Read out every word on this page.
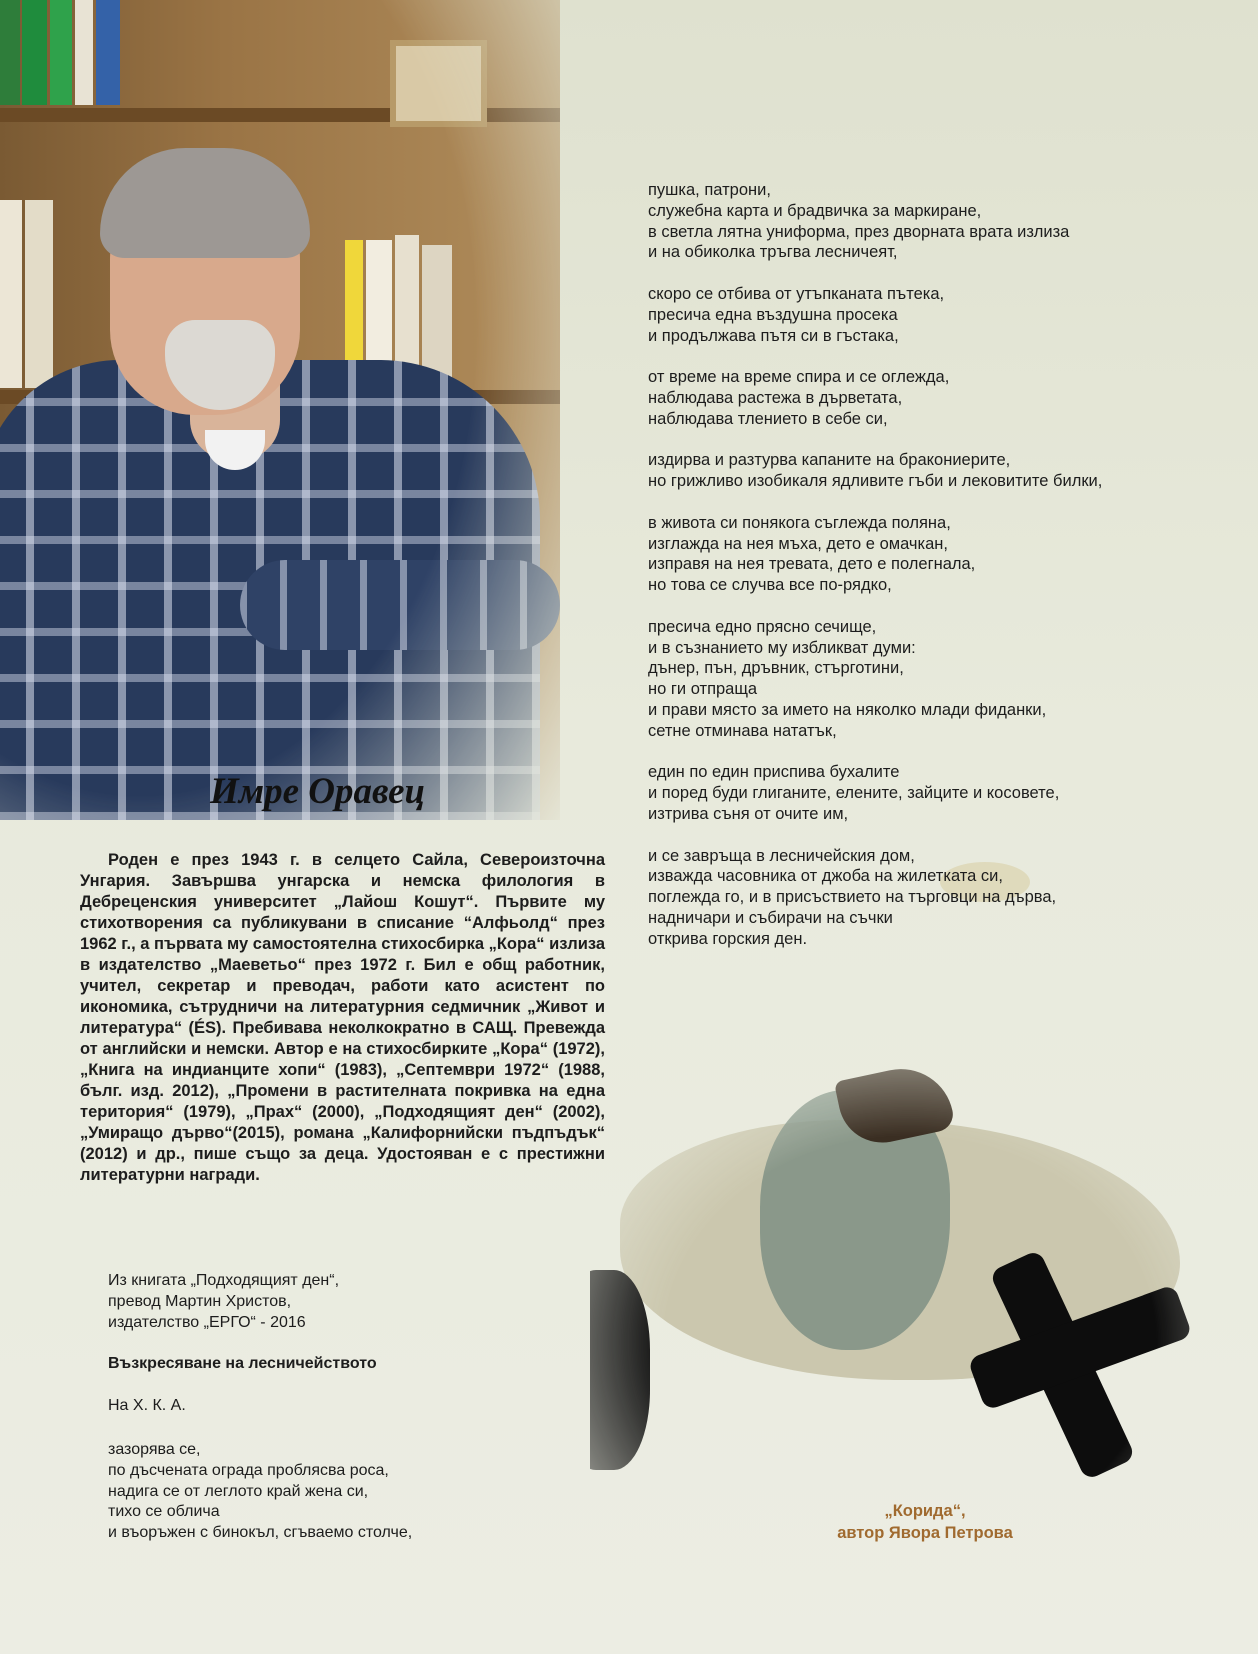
Имре Оравец

Роден е през 1943 г. в селцето Сайла, Североизточна Унгария. Завършва унгарска и немска филология в Дебреценския университет „Лайош Кошут“. Първите му стихотворения са публикувани в списание “Алфьолд“ през 1962 г., а първата му самостоятелна стихосбирка „Кора“ излиза в издателство „Маеветьо“ през 1972 г. Бил е общ работник, учител, секретар и преводач, работи като асистент по икономика, сътрудничи на литературния седмичник „Живот и литература“ (ÉS). Пребивава неколкократно в САЩ. Превежда от английски и немски. Автор е на стихосбирките „Кора“ (1972), „Книга на индианците хопи“ (1983), „Септември 1972“ (1988, бълг. изд. 2012), „Промени в растителната покривка на една територия“ (1979), „Прах“ (2000), „Подходящият ден“ (2002), „Умиращо дърво“(2015), романа „Калифорнийски пъдпъдък“ (2012) и др., пише също за деца. Удостояван е с престижни литературни награди.

Из книгата „Подходящият ден“,
превод Мартин Христов,
издателство „ЕРГО“ - 2016
Възкресяване на лесничейството
На Х. К. А.
зазорява се,
по дъсчената ограда проблясва роса,
надига се от леглото край жена си,
тихо се облича
и въоръжен с бинокъл, сгъваемо столче,
пушка, патрони,
служебна карта и брадвичка за маркиране,
в светла лятна униформа, през дворната врата излиза
и на обиколка тръгва лесничеят,
скоро се отбива от утъпканата пътека,
пресича една въздушна просека
и продължава пътя си в гъстака,
от време на време спира и се оглежда,
наблюдава растежа в дърветата,
наблюдава тлението в себе си,
издирва и разтурва капаните на бракониерите,
но грижливо изобикаля ядливите гъби и лековитите билки,
в живота си понякога съглежда поляна,
изглажда на нея мъха, дето е омачкан,
изправя на нея тревата, дето е полегнала,
но това се случва все по-рядко,
пресича едно прясно сечище,
и в съзнанието му избликват думи:
дънер, пън, дръвник, стърготини,
но ги отпраща
и прави място за името на няколко млади фиданки,
сетне отминава нататък,
един по един приспива бухалите
и поред буди глиганите, елените, зайците и косовете,
изтрива съня от очите им,
и се завръща в лесничейския дом,
изважда часовника от джоба на жилетката си,
поглежда го, и в присъствието на търговци на дърва,
надничари и събирачи на съчки
открива горския ден.
„Корида“,
автор Явора Петрова
